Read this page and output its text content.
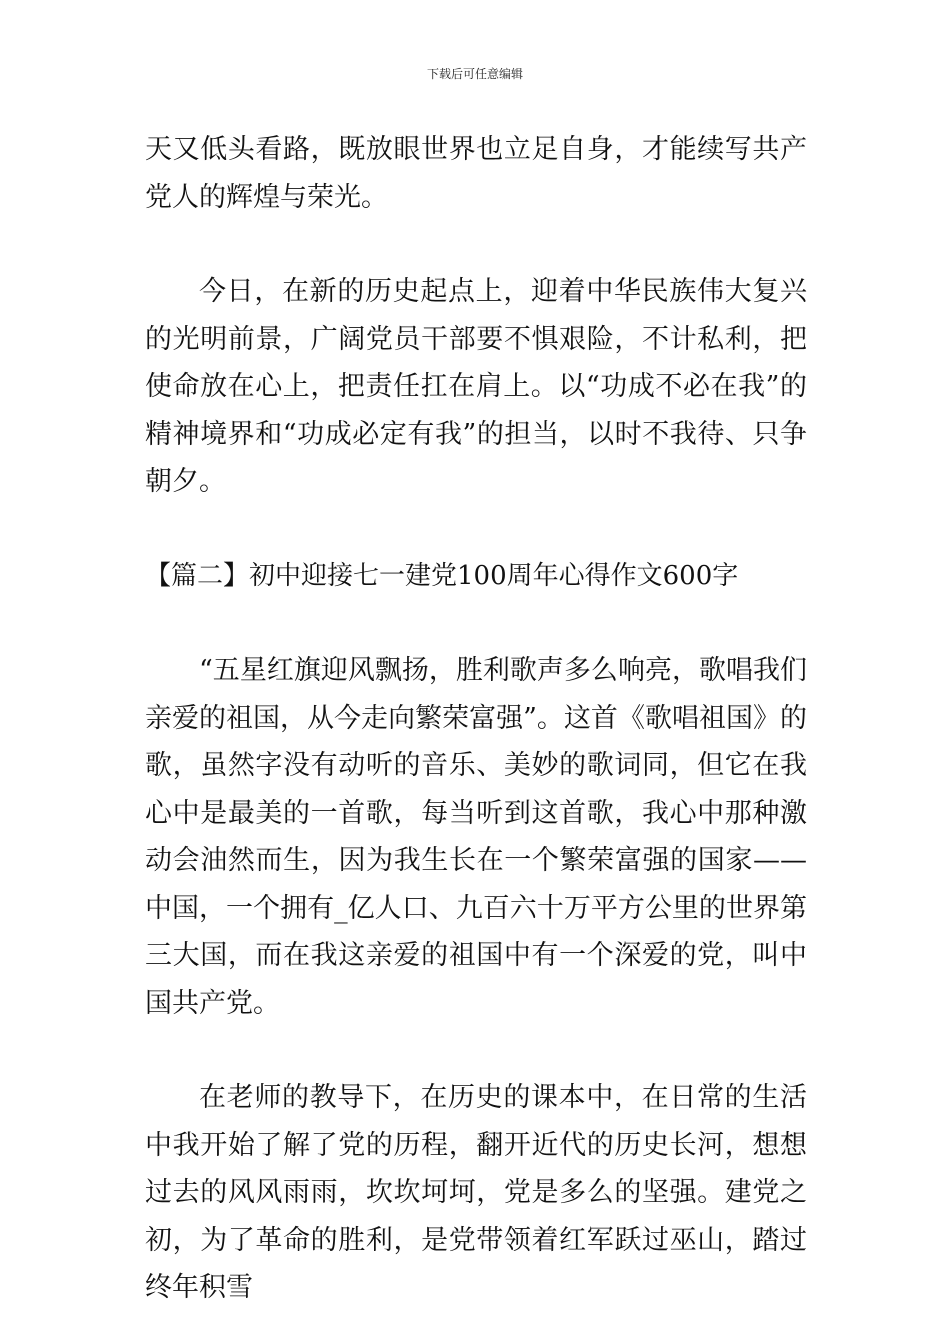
下载后可任意编辑

天又低头看路，既放眼世界也立足自身，才能续写共产党人的辉煌与荣光。

今日，在新的历史起点上，迎着中华民族伟大复兴的光明前景，广阔党员干部要不惧艰险，不计私利，把使命放在心上，把责任扛在肩上。以“功成不必在我”的精神境界和“功成必定有我”的担当，以时不我待、只争朝夕。

【篇二】初中迎接七一建党100周年心得作文600字

“五星红旗迎风飘扬，胜利歌声多么响亮，歌唱我们亲爱的祖国，从今走向繁荣富强”。这首《歌唱祖国》的歌，虽然字没有动听的音乐、美妙的歌词同，但它在我心中是最美的一首歌，每当听到这首歌，我心中那种激动会油然而生，因为我生长在一个繁荣富强的国家——中国，一个拥有_亿人口、九百六十万平方公里的世界第三大国，而在我这亲爱的祖国中有一个深爱的党，叫中国共产党。

在老师的教导下，在历史的课本中，在日常的生活中我开始了解了党的历程，翻开近代的历史长河，想想过去的风风雨雨，坎坎坷坷，党是多么的坚强。建党之初，为了革命的胜利，是党带领着红军跃过巫山，踏过终年积雪
